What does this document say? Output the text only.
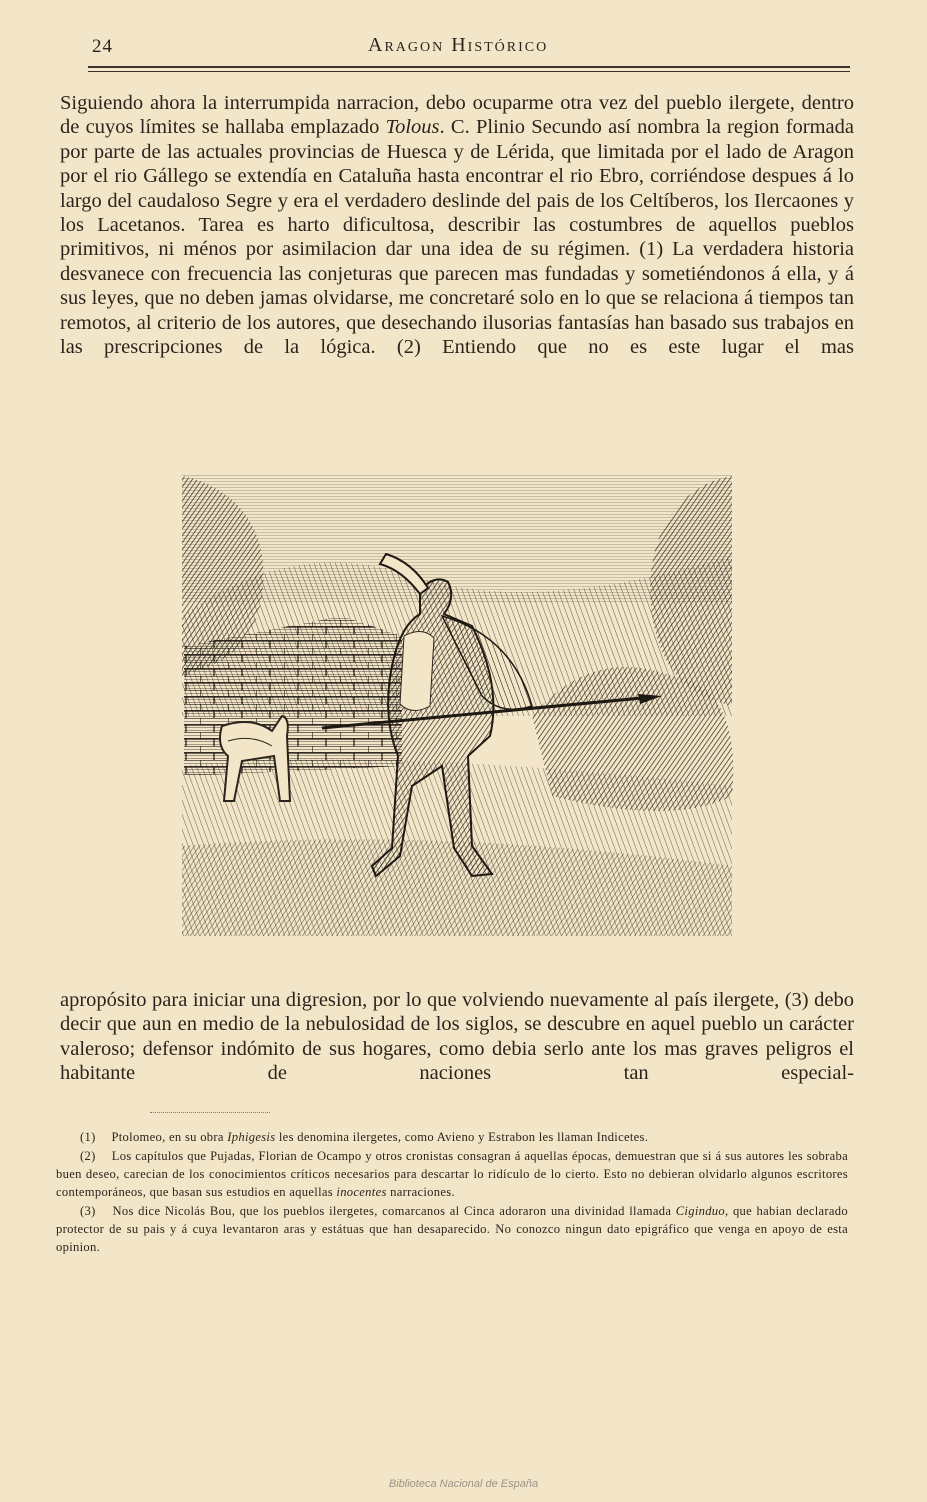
24	Aragon Histórico
Siguiendo ahora la interrumpida narracion, debo ocuparme otra vez del pueblo ilergete, dentro de cuyos límites se hallaba emplazado Tolous. C. Plinio Secundo así nombra la region formada por parte de las actuales provincias de Huesca y de Lérida, que limitada por el lado de Aragon por el rio Gállego se extendía en Cataluña hasta encontrar el rio Ebro, corriéndose despues á lo largo del caudaloso Segre y era el verdadero deslinde del pais de los Celtíberos, los Ilercaones y los Lacetanos. Tarea es harto dificultosa, describir las costumbres de aquellos pueblos primitivos, ni ménos por asimilacion dar una idea de su régimen. (1) La verdadera historia desvanece con frecuencia las conjeturas que parecen mas fundadas y sometiéndonos á ella, y á sus leyes, que no deben jamas olvidarse, me concretaré solo en lo que se relaciona á tiempos tan remotos, al criterio de los autores, que desechando ilusorias fantasías han basado sus trabajos en las prescripciones de la lógica. (2) Entiendo que no es este lugar el mas
apropósito para iniciar una digresion, por lo que volviendo nuevamente al país ilergete, (3) debo decir que aun en medio de la nebulosidad de los siglos, se descubre en aquel pueblo un carácter valeroso; defensor indómito de sus hogares, como debia serlo ante los mas graves peligros el habitante de naciones tan especial-

(1) Ptolomeo, en su obra Iphigesis les denomina ilergetes, como Avieno y Estrabon les llaman Indicetes.

(2) Los capítulos que Pujadas, Florian de Ocampo y otros cronistas consagran á aquellas épocas, demuestran que si á sus autores les sobraba buen deseo, carecian de los conocimientos críticos necesarios para descartar lo ridículo de lo cierto. Esto no debieran olvidarlo algunos escritores contemporáneos, que basan sus estudios en aquellas inocentes narraciones.

(3) Nos dice Nicolás Bou, que los pueblos ilergetes, comarcanos al Cinca adoraron una divinidad llamada Ciginduo, que habian declarado protector de su pais y á cuya levantaron aras y estátuas que han desaparecido. No conozco ningun dato epigráfico que venga en apoyo de esta opinion.

Biblioteca Nacional de España
